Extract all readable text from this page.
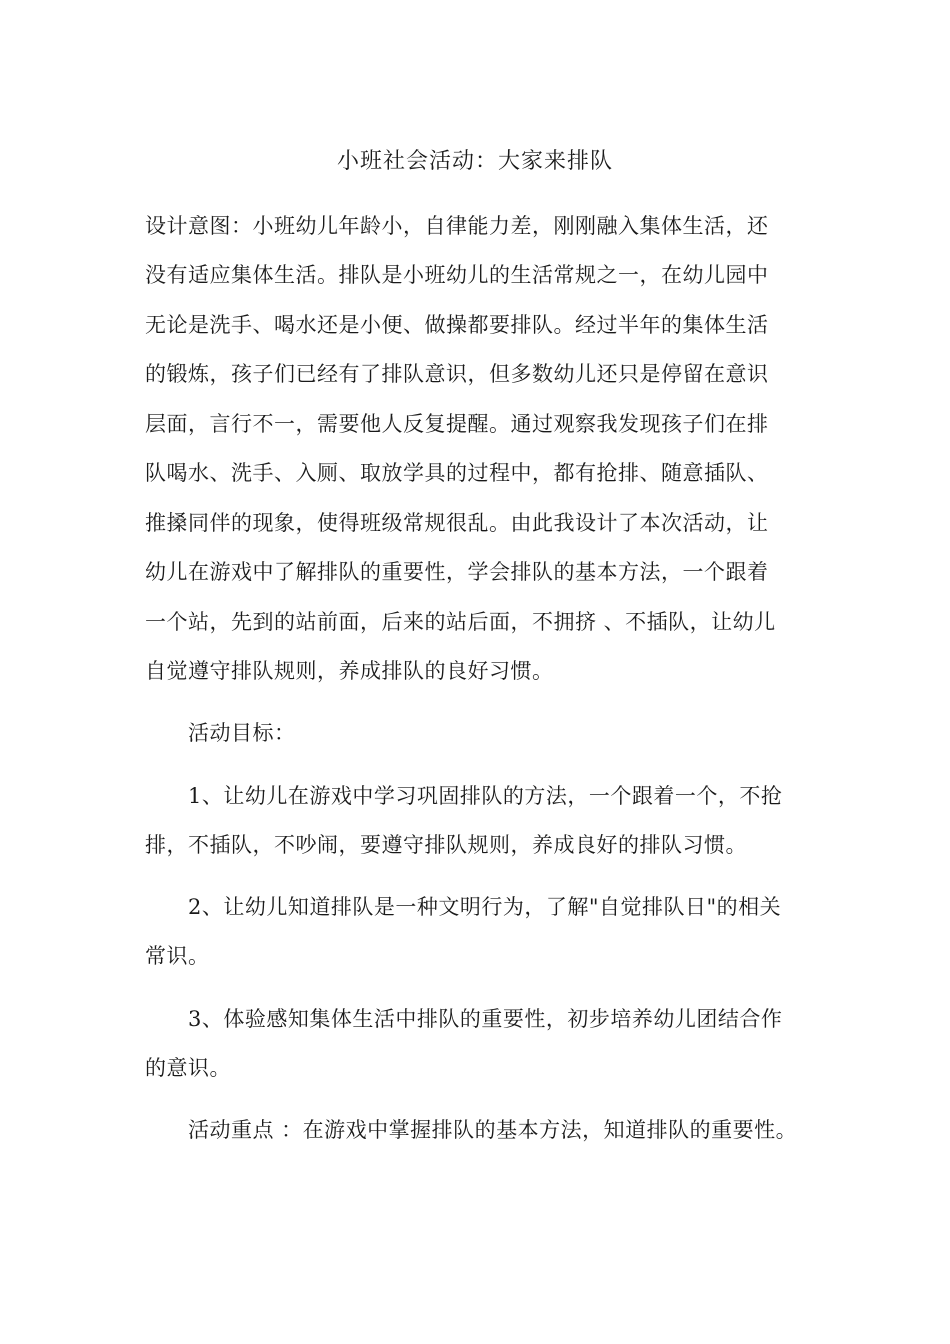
小班社会活动：大家来排队
设计意图：小班幼儿年龄小，自律能力差，刚刚融入集体生活，还
没有适应集体生活。排队是小班幼儿的生活常规之一，在幼儿园中
无论是洗手、喝水还是小便、做操都要排队。经过半年的集体生活
的锻炼，孩子们已经有了排队意识，但多数幼儿还只是停留在意识
层面，言行不一，需要他人反复提醒。通过观察我发现孩子们在排
队喝水、洗手、入厕、取放学具的过程中，都有抢排、随意插队、
推搡同伴的现象，使得班级常规很乱。由此我设计了本次活动，让
幼儿在游戏中了解排队的重要性，学会排队的基本方法，一个跟着
一个站，先到的站前面，后来的站后面，不拥挤 、不插队，让幼儿
自觉遵守排队规则，养成排队的良好习惯。
活动目标：
1、让幼儿在游戏中学习巩固排队的方法，一个跟着一个，不抢
排，不插队，不吵闹，要遵守排队规则，养成良好的排队习惯。
2、让幼儿知道排队是一种文明行为，了解"自觉排队日"的相关
常识。
3、体验感知集体生活中排队的重要性，初步培养幼儿团结合作
的意识。
活动重点 ：在游戏中掌握排队的基本方法，知道排队的重要性。
